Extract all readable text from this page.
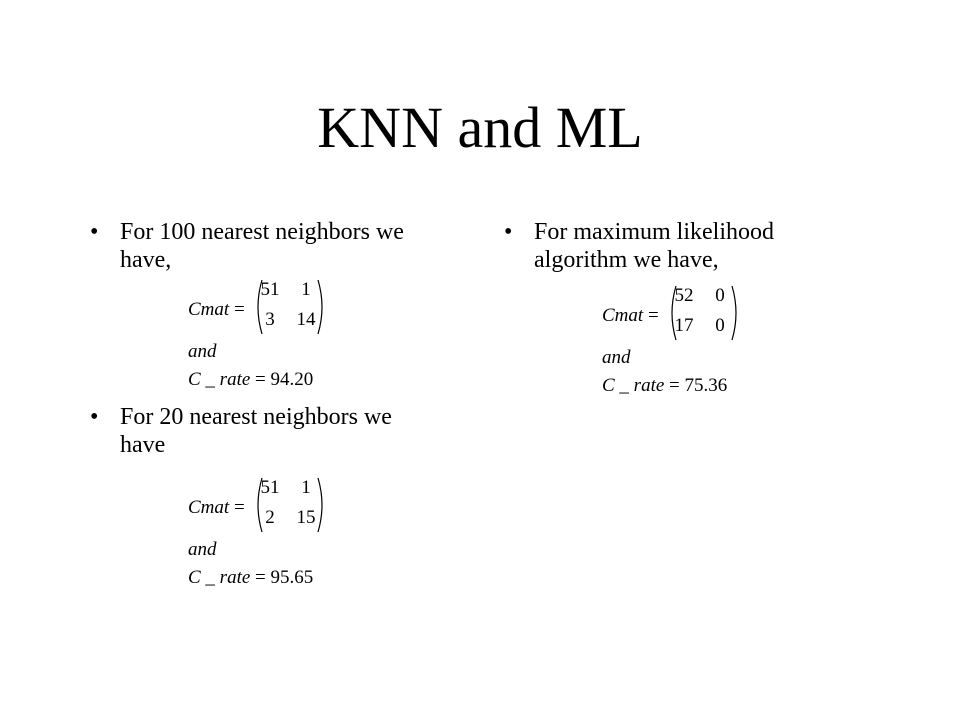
KNN and ML
• For 100 nearest neighbors we have,
Cmat =
51	1
3	14
and
C _ rate = 94.20
• For 20 nearest neighbors we have
Cmat =
51	1
2	15
and
C _ rate = 95.65
• For maximum likelihood algorithm we have,
Cmat =
52	0
17	0
and
C _ rate = 75.36
